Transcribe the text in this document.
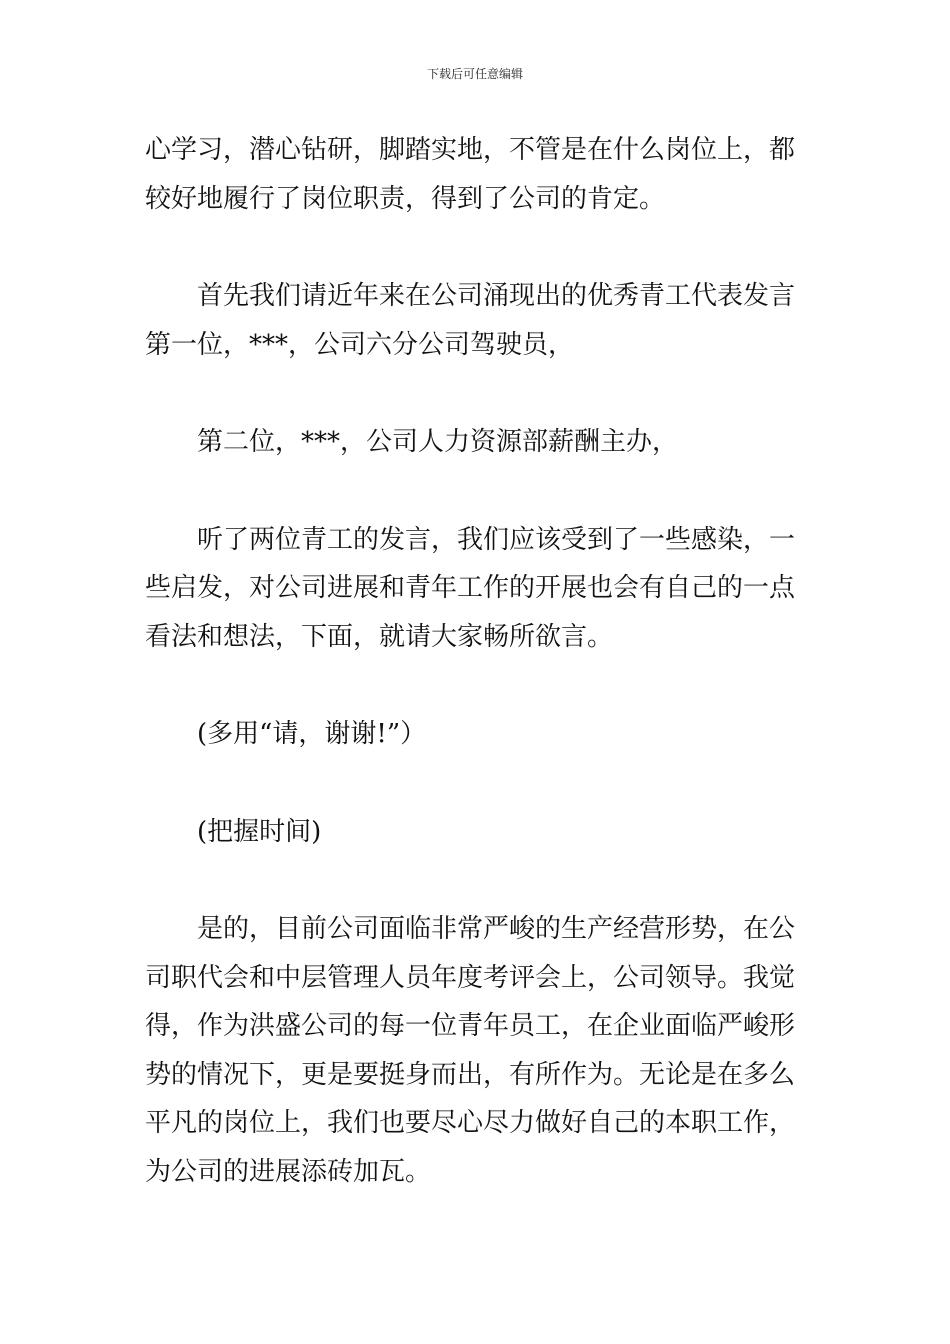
下载后可任意编辑

心学习，潜心钻研，脚踏实地，不管是在什么岗位上，都

较好地履行了岗位职责，得到了公司的肯定。

首先我们请近年来在公司涌现出的优秀青工代表发言

第一位，***，公司六分公司驾驶员，

第二位，***，公司人力资源部薪酬主办，

听了两位青工的发言，我们应该受到了一些感染，一

些启发，对公司进展和青年工作的开展也会有自己的一点

看法和想法，下面，就请大家畅所欲言。

(多用“请，谢谢!”）

(把握时间)

是的，目前公司面临非常严峻的生产经营形势，在公

司职代会和中层管理人员年度考评会上，公司领导。我觉

得，作为洪盛公司的每一位青年员工，在企业面临严峻形

势的情况下，更是要挺身而出，有所作为。无论是在多么

平凡的岗位上，我们也要尽心尽力做好自己的本职工作，

为公司的进展添砖加瓦。
